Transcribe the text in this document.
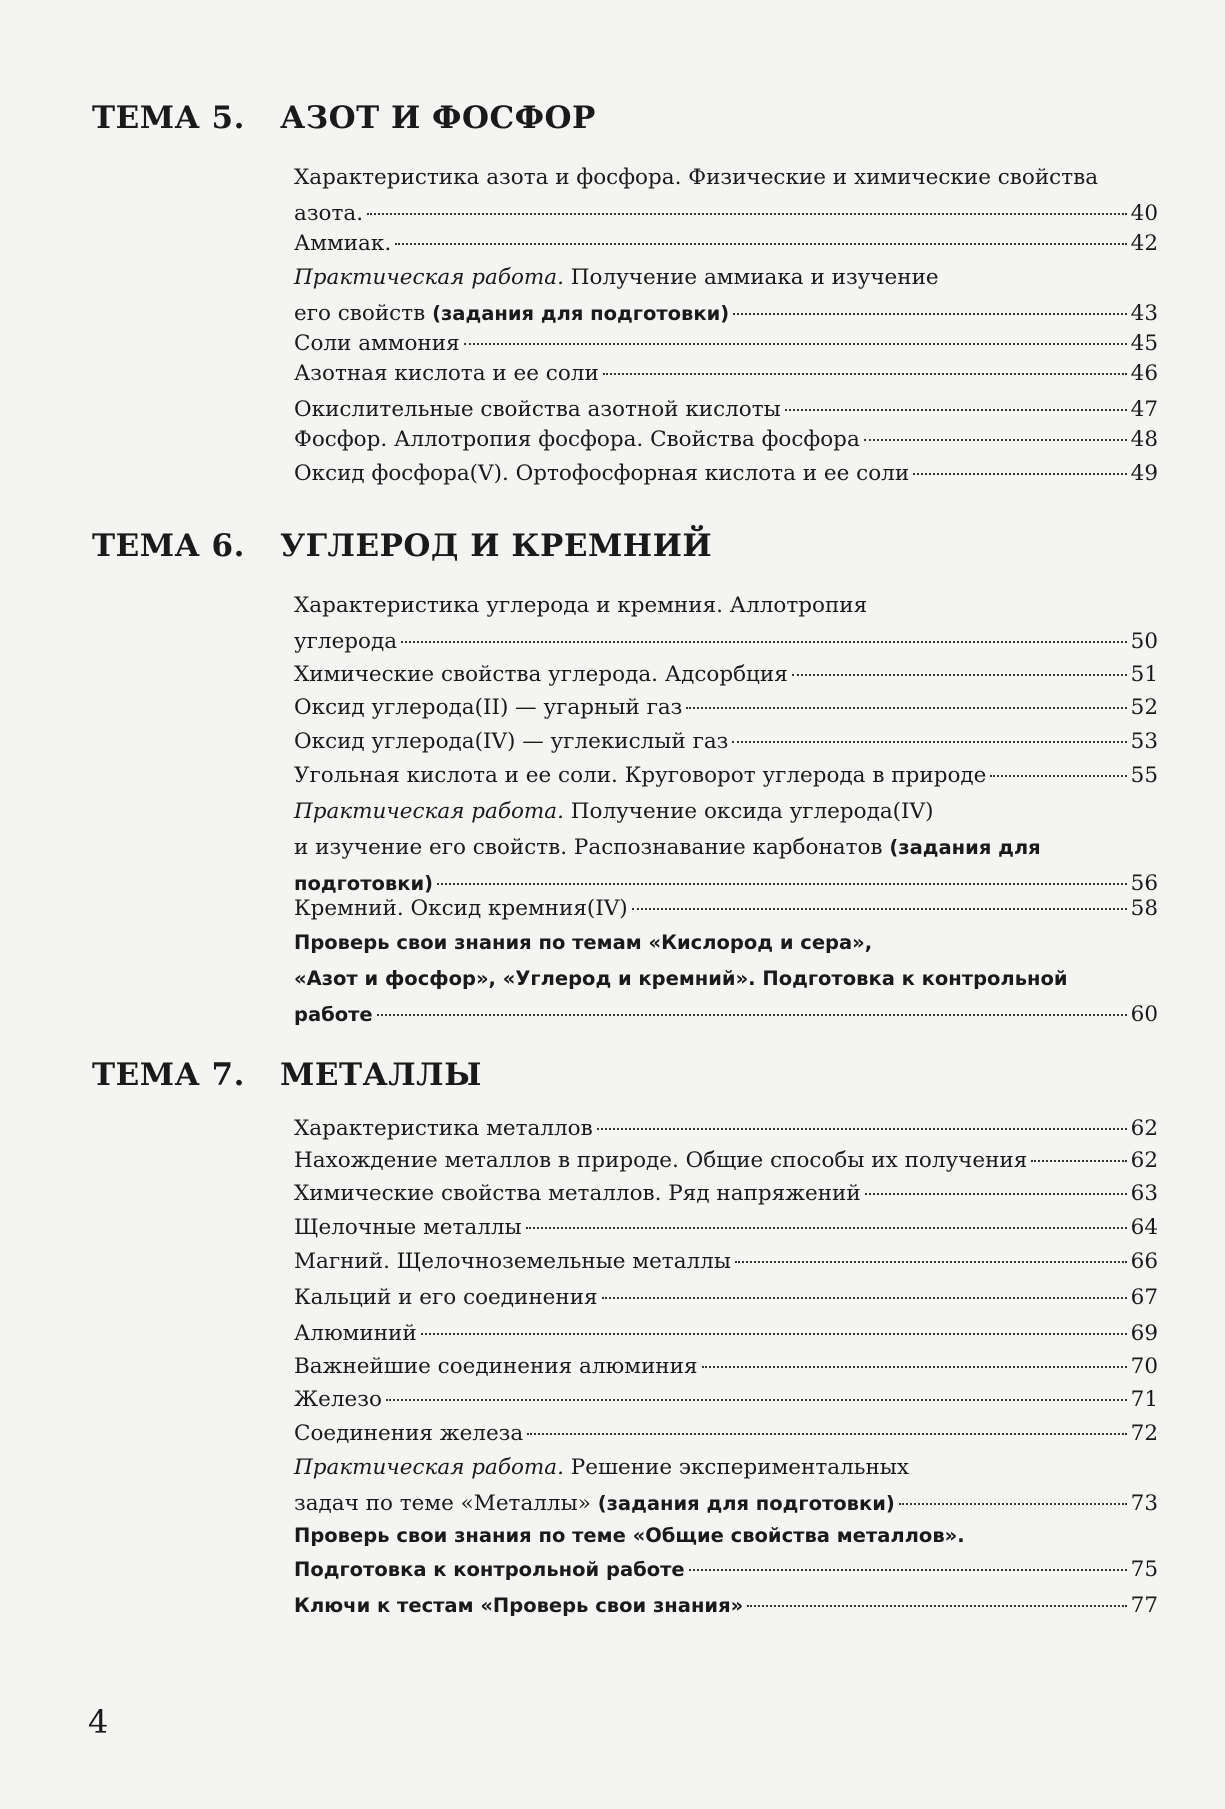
4
ТЕМА 5. АЗОТ И ФОСФОР
Характеристика азота и фосфора. Физические и химические свойства
азота.	40
Аммиак.	42
Практическая работа. Получение аммиака и изучение
его свойств (задания для подготовки)	43
Соли аммония	45
Азотная кислота и ее соли	46
Окислительные свойства азотной кислоты	47
Фосфор. Аллотропия фосфора. Свойства фосфора	48
Оксид фосфора(V). Ортофосфорная кислота и ее соли	49
ТЕМА 6. УГЛЕРОД И КРЕМНИЙ
Характеристика углерода и кремния. Аллотропия
углерода	50
Химические свойства углерода. Адсорбция	51
Оксид углерода(II) — угарный газ	52
Оксид углерода(IV) — углекислый газ	53
Угольная кислота и ее соли. Круговорот углерода в природе	55
Практическая работа. Получение оксида углерода(IV)
и изучение его свойств. Распознавание карбонатов (задания для
подготовки)	56
Кремний. Оксид кремния(IV)	58
Проверь свои знания по темам «Кислород и сера»,
«Азот и фосфор», «Углерод и кремний». Подготовка к контрольной
работе	60
ТЕМА 7. МЕТАЛЛЫ
Характеристика металлов	62
Нахождение металлов в природе. Общие способы их получения	62
Химические свойства металлов. Ряд напряжений	63
Щелочные металлы	64
Магний. Щелочноземельные металлы	66
Кальций и его соединения	67
Алюминий	69
Важнейшие соединения алюминия	70
Железо	71
Соединения железа	72
Практическая работа. Решение экспериментальных
задач по теме «Металлы» (задания для подготовки)	73
Проверь свои знания по теме «Общие свойства металлов».
Подготовка к контрольной работе	75
Ключи к тестам «Проверь свои знания»	77
